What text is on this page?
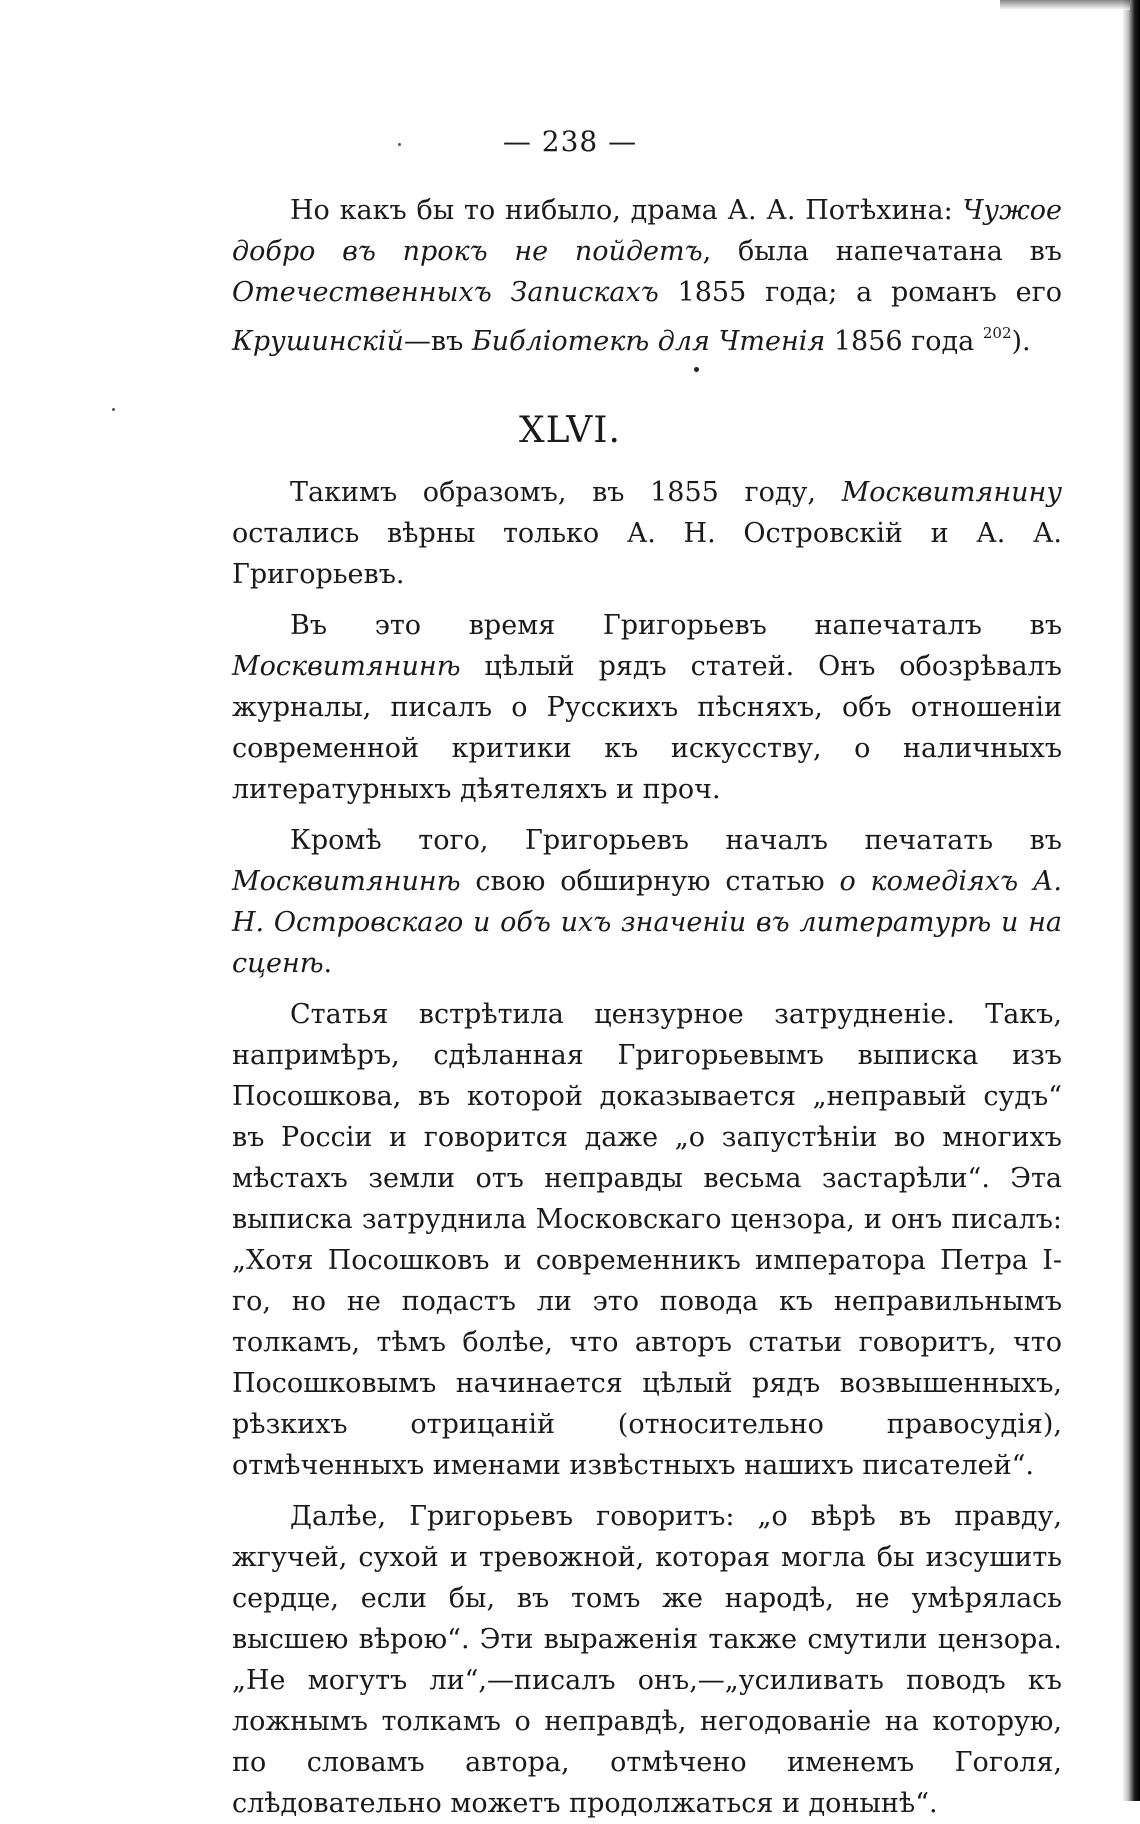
— 238 —

Но какъ бы то нибыло, драма А. А. Потѣхина: Чужое добро въ прокъ не пойдетъ, была напечатана въ Отечественныхъ Запискахъ 1855 года; а романъ его Крушинскій—въ Библіотекѣ для Чтенія 1856 года $^{202}$).

XLVI.

Такимъ образомъ, въ 1855 году, Москвитянину остались вѣрны только А. Н. Островскій и А. А. Григорьевъ.

Въ это время Григорьевъ напечаталъ въ Москвитянинѣ цѣлый рядъ статей. Онъ обозрѣвалъ журналы, писалъ о Русскихъ пѣсняхъ, объ отношеніи современной критики къ искусству, о наличныхъ литературныхъ дѣятеляхъ и проч.

Кромѣ того, Григорьевъ началъ печатать въ Москвитянинѣ свою обширную статью о комедіяхъ А. Н. Островскаго и объ ихъ значеніи въ литературѣ и на сценѣ.

Статья встрѣтила цензурное затрудненіе. Такъ, напримѣръ, сдѣланная Григорьевымъ выписка изъ Посошкова, въ которой доказывается „неправый судъ“ въ Россіи и говорится даже „о запустѣніи во многихъ мѣстахъ земли отъ неправды весьма застарѣли“. Эта выписка затруднила Московскаго цензора, и онъ писалъ: „Хотя Посошковъ и современникъ императора Петра I-го, но не подастъ ли это повода къ неправильнымъ толкамъ, тѣмъ болѣе, что авторъ статьи говоритъ, что Посошковымъ начинается цѣлый рядъ возвышенныхъ, рѣзкихъ отрицаній (относительно правосудія), отмѣченныхъ именами извѣстныхъ нашихъ писателей“.

Далѣе, Григорьевъ говоритъ: „о вѣрѣ въ правду, жгучей, сухой и тревожной, которая могла бы изсушить сердце, если бы, въ томъ же народѣ, не умѣрялась высшею вѣрою“. Эти выраженія также смутили цензора. „Не могутъ ли“,—писалъ онъ,—„усиливать поводъ къ ложнымъ толкамъ о неправдѣ, негодованіе на которую, по словамъ автора, отмѣчено именемъ Гоголя, слѣдовательно можетъ продолжаться и донынѣ“.
